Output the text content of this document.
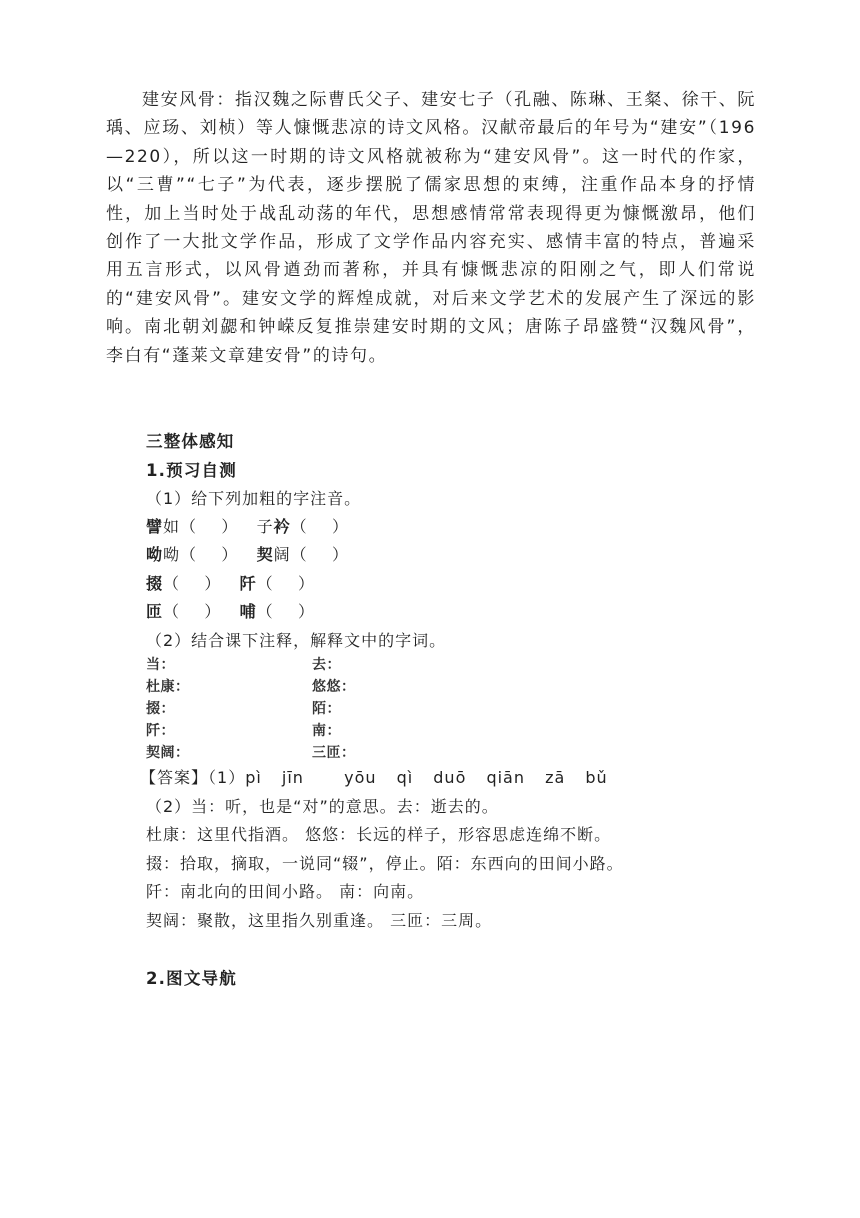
建安风骨：指汉魏之际曹氏父子、建安七子（孔融、陈琳、王粲、徐干、阮瑀、应玚、刘桢）等人慷慨悲凉的诗文风格。汉献帝最后的年号为“建安”（196—220），所以这一时期的诗文风格就被称为“建安风骨”。这一时代的作家，以“三曹”“七子”为代表，逐步摆脱了儒家思想的束缚，注重作品本身的抒情性，加上当时处于战乱动荡的年代，思想感情常常表现得更为慷慨激昂，他们创作了一大批文学作品，形成了文学作品内容充实、感情丰富的特点，普遍采用五言形式，以风骨遒劲而著称，并具有慷慨悲凉的阳刚之气，即人们常说的“建安风骨”。建安文学的辉煌成就，对后来文学艺术的发展产生了深远的影响。南北朝刘勰和钟嵘反复推崇建安时期的文风；唐陈子昂盛赞“汉魏风骨”，李白有“蓬莱文章建安骨”的诗句。

三整体感知
1.预习自测
（1）给下列加粗的字注音。
譬如（    ） 子衿（    ）
呦呦（    ） 契阔（    ）
掇（    ） 阡（    ）
匝（    ） 哺（    ）
（2）结合课下注释，解释文中的字词。
当：	去：
杜康：	悠悠：
掇：	陌：
阡：	南：
契阔：	三匝：
【答案】（1）pì jīn  yōu qì duō qiān zā bǔ
（2）当：听，也是“对”的意思。去：逝去的。
杜康：这里代指酒。 悠悠：长远的样子，形容思虑连绵不断。
掇：拾取，摘取，一说同“辍”，停止。陌：东西向的田间小路。
阡：南北向的田间小路。 南：向南。
契阔：聚散，这里指久别重逢。 三匝：三周。
2.图文导航
